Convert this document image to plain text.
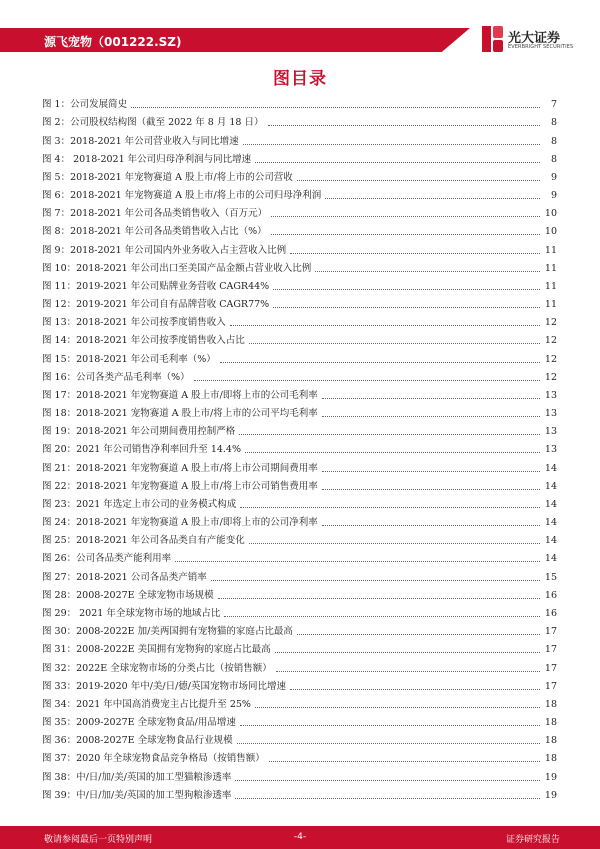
源飞宠物（001222.SZ)	光大证券
EVERBRIGHT SECURITIES
图目录
图 1：公司发展简史	7
图 2：公司股权结构图（截至 2022 年 8 月 18 日）	8
图 3：2018-2021 年公司营业收入与同比增速	8
图 4： 2018-2021 年公司归母净利润与同比增速	8
图 5：2018-2021 年宠物赛道 A 股上市/将上市的公司营收	9
图 6：2018-2021 年宠物赛道 A 股上市/将上市的公司归母净利润	9
图 7：2018-2021 年公司各品类销售收入（百万元）	10
图 8：2018-2021 年公司各品类销售收入占比（%）	10
图 9：2018-2021 年公司国内外业务收入占主营收入比例	11
图 10：2018-2021 年公司出口至美国产品金额占营业收入比例	11
图 11：2019-2021 年公司贴牌业务营收 CAGR44%	11
图 12：2019-2021 年公司自有品牌营收 CAGR77%	11
图 13：2018-2021 年公司按季度销售收入	12
图 14：2018-2021 年公司按季度销售收入占比	12
图 15：2018-2021 年公司毛利率（%）	12
图 16：公司各类产品毛利率（%）	12
图 17：2018-2021 年宠物赛道 A 股上市/即将上市的公司毛利率	13
图 18：2018-2021 宠物赛道 A 股上市/将上市的公司平均毛利率	13
图 19：2018-2021 年公司期间费用控制严格	13
图 20：2021 年公司销售净利率回升至 14.4%	13
图 21：2018-2021 年宠物赛道 A 股上市/将上市公司期间费用率	14
图 22：2018-2021 年宠物赛道 A 股上市/将上市公司销售费用率	14
图 23：2021 年选定上市公司的业务模式构成	14
图 24：2018-2021 年宠物赛道 A 股上市/即将上市的公司净利率	14
图 25：2018-2021 年公司各品类自有产能变化	14
图 26：公司各品类产能利用率	14
图 27：2018-2021 公司各品类产销率	15
图 28：2008-2027E 全球宠物市场规模	16
图 29： 2021 年全球宠物市场的地域占比	16
图 30：2008-2022E 加/美两国拥有宠物猫的家庭占比最高	17
图 31：2008-2022E 美国拥有宠物狗的家庭占比最高	17
图 32：2022E 全球宠物市场的分类占比（按销售额）	17
图 33：2019-2020 年中/美/日/德/英国宠物市场同比增速	17
图 34：2021 年中国高消费宠主占比提升至 25%	18
图 35：2009-2027E 全球宠物食品/用品增速	18
图 36：2008-2027E 全球宠物食品行业规模	18
图 37：2020 年全球宠物食品竞争格局（按销售额）	18
图 38：中/日/加/美/英国的加工型猫粮渗透率	19
图 39：中/日/加/美/英国的加工型狗粮渗透率	19
敬请参阅最后一页特别声明	-4-	证券研究报告
